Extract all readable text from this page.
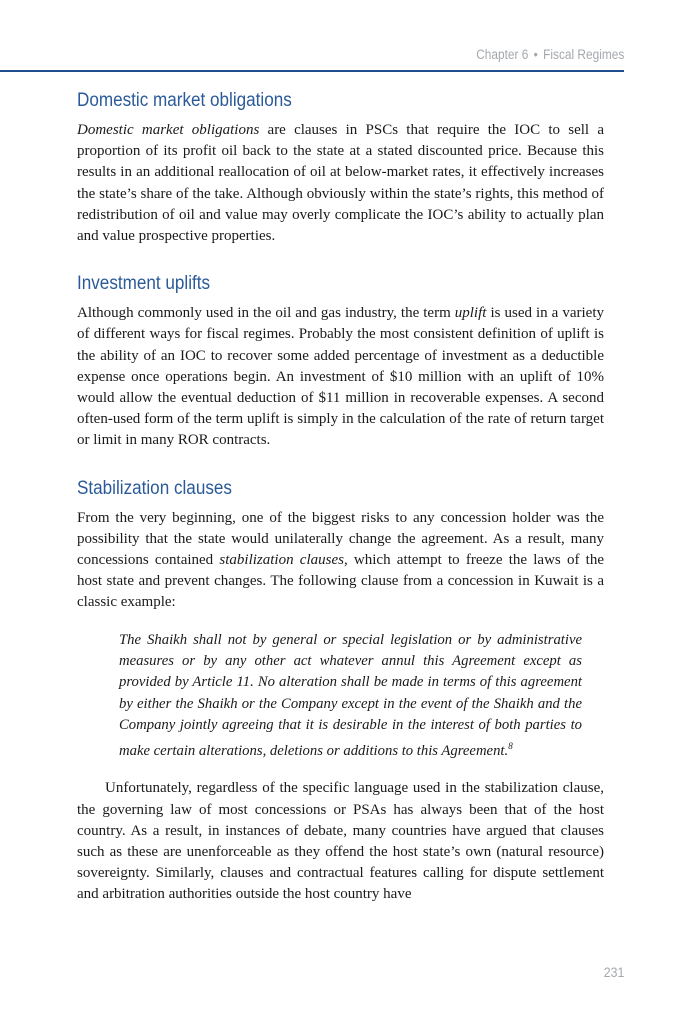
Chapter 6 • Fiscal Regimes
Domestic market obligations

Domestic market obligations are clauses in PSCs that require the IOC to sell a proportion of its profit oil back to the state at a stated discounted price. Because this results in an additional reallocation of oil at below-market rates, it effectively increases the state’s share of the take. Although obviously within the state’s rights, this method of redistribution of oil and value may overly complicate the IOC’s ability to actually plan and value prospective properties.

Investment uplifts

Although commonly used in the oil and gas industry, the term uplift is used in a variety of different ways for fiscal regimes. Probably the most consistent definition of uplift is the ability of an IOC to recover some added percentage of investment as a deductible expense once operations begin. An investment of $10 million with an uplift of 10% would allow the eventual deduction of $11 million in recoverable expenses. A second often-used form of the term uplift is simply in the calculation of the rate of return target or limit in many ROR contracts.

Stabilization clauses

From the very beginning, one of the biggest risks to any concession holder was the possibility that the state would unilaterally change the agreement. As a result, many concessions contained stabilization clauses, which attempt to freeze the laws of the host state and prevent changes. The following clause from a concession in Kuwait is a classic example:

The Shaikh shall not by general or special legislation or by administrative measures or by any other act whatever annul this Agreement except as provided by Article 11. No alteration shall be made in terms of this agreement by either the Shaikh or the Company except in the event of the Shaikh and the Company jointly agreeing that it is desirable in the interest of both parties to make certain alterations, deletions or additions to this Agreement.$^8$

Unfortunately, regardless of the specific language used in the stabilization clause, the governing law of most concessions or PSAs has always been that of the host country. As a result, in instances of debate, many countries have argued that clauses such as these are unenforceable as they offend the host state’s own (natural resource) sovereignty. Similarly, clauses and contractual features calling for dispute settlement and arbitration authorities outside the host country have

231
